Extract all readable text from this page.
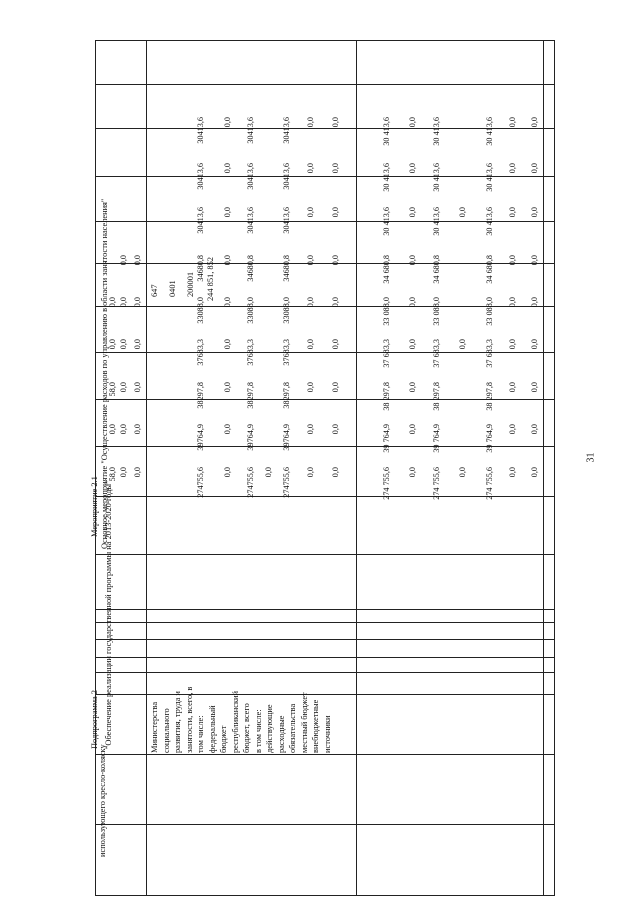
использующего кресло-коляску
"Обеспечение реализации государственной программы на 2013-2020 годы"
Подпрограмма 2
Основное мероприятие "Осуществление расходов по управлению в области занятости населения"
Мероприятие 2.1
Министерства социального развития, труда и занятости, всего, в том числе: федеральный бюджет республиканский бюджет, всего в том числе: действующие расходные обязательства местный бюджет внебюджетные источники
647 0401 200001 244 851, 852
274755,6
39764,9
38297,8
37683,3
33088,0
34680,8
30413,6
30413,6
30413,6
0,0
0,0
0,0
0,0
0,0
0,0
0,0
0,0
0,0
274755,6
39764,9
38297,8
37683,3
33088,0
34680,8
30413,6
30413,6
30413,6
274755,6
39764,9
38297,8
37683,3
33088,0
34680,8
30413,6
30413,6
30413,6
0,0
0,0
0,0
0,0
0,0
0,0
0,0
0,0
0,0
0,0
0,0
0,0
0,0
0,0
0,0
0,0
0,0
0,0
274 755,6
39 764,9
38 297,8
37 683,3
33 088,0
34 680,8
30 413,6
30 413,6
30 413,6
0,0
0,0
0,0
0,0
0,0
0,0
0,0
0,0
0,0
274 755,6
39 764,9
38 297,8
37 683,3
33 088,0
34 680,8
30 413,6
30 413,6
30 413,6
274 755,6
39 764,9
38 297,8
37 683,3
33 088,0
34 680,8
30 413,6
30 413,6
30 413,6
0,0
0,0
0,0
0,0
0,0
0,0
0,0
0,0
0,0
0,0
0,0
0,0
0,0
0,0
0,0
0,0
0,0
0,0
58,0
0,0
58,0
0,0
0,0
0,0
0,0
0,0
0,0
0,0
0,0
0,0
0,0
0,0
0,0
0,0
0,0
0,0	0,0
0,0
0,0
31
